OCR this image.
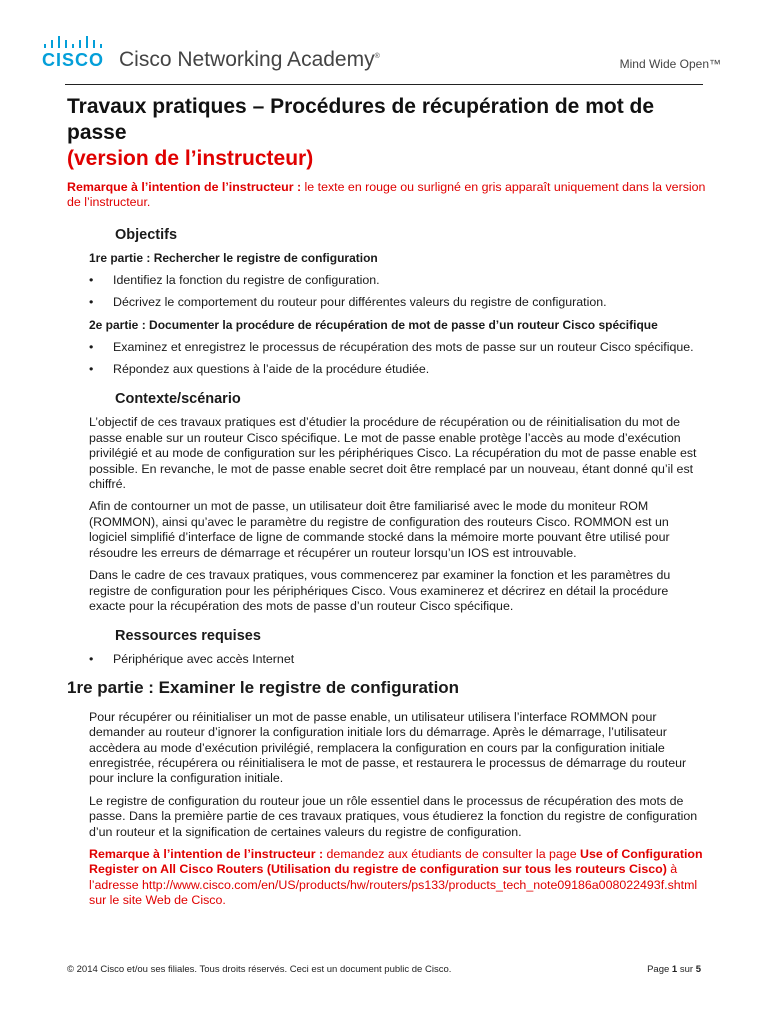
CISCO Cisco Networking Academy®
Mind Wide Open™
Travaux pratiques – Procédures de récupération de mot de passe
(version de l’instructeur)

Remarque à l’intention de l’instructeur : le texte en rouge ou surligné en gris apparaît uniquement dans la version de l’instructeur.

Objectifs
1re partie : Rechercher le registre de configuration
• Identifiez la fonction du registre de configuration.
• Décrivez le comportement du routeur pour différentes valeurs du registre de configuration.
2e partie : Documenter la procédure de récupération de mot de passe d’un routeur Cisco spécifique
• Examinez et enregistrez le processus de récupération des mots de passe sur un routeur Cisco spécifique.
• Répondez aux questions à l’aide de la procédure étudiée.
Contexte/scénario

L’objectif de ces travaux pratiques est d’étudier la procédure de récupération ou de réinitialisation du mot de passe enable sur un routeur Cisco spécifique. Le mot de passe enable protège l’accès au mode d’exécution privilégié et au mode de configuration sur les périphériques Cisco. La récupération du mot de passe enable est possible. En revanche, le mot de passe enable secret doit être remplacé par un nouveau, étant donné qu’il est chiffré.

Afin de contourner un mot de passe, un utilisateur doit être familiarisé avec le mode du moniteur ROM (ROMMON), ainsi qu’avec le paramètre du registre de configuration des routeurs Cisco. ROMMON est un logiciel simplifié d’interface de ligne de commande stocké dans la mémoire morte pouvant être utilisé pour résoudre les erreurs de démarrage et récupérer un routeur lorsqu’un IOS est introuvable.

Dans le cadre de ces travaux pratiques, vous commencerez par examiner la fonction et les paramètres du registre de configuration pour les périphériques Cisco. Vous examinerez et décrirez en détail la procédure exacte pour la récupération des mots de passe d’un routeur Cisco spécifique.

Ressources requises
• Périphérique avec accès Internet
1re partie : Examiner le registre de configuration

Pour récupérer ou réinitialiser un mot de passe enable, un utilisateur utilisera l’interface ROMMON pour demander au routeur d’ignorer la configuration initiale lors du démarrage. Après le démarrage, l’utilisateur accèdera au mode d’exécution privilégié, remplacera la configuration en cours par la configuration initiale enregistrée, récupérera ou réinitialisera le mot de passe, et restaurera le processus de démarrage du routeur pour inclure la configuration initiale.

Le registre de configuration du routeur joue un rôle essentiel dans le processus de récupération des mots de passe. Dans la première partie de ces travaux pratiques, vous étudierez la fonction du registre de configuration d’un routeur et la signification de certaines valeurs du registre de configuration.

Remarque à l’intention de l’instructeur : demandez aux étudiants de consulter la page Use of Configuration Register on All Cisco Routers (Utilisation du registre de configuration sur tous les routeurs Cisco) à l’adresse http://www.cisco.com/en/US/products/hw/routers/ps133/products_tech_note09186a008022493f.shtml sur le site Web de Cisco.

© 2014 Cisco et/ou ses filiales. Tous droits réservés. Ceci est un document public de Cisco.	Page 1 sur 5
